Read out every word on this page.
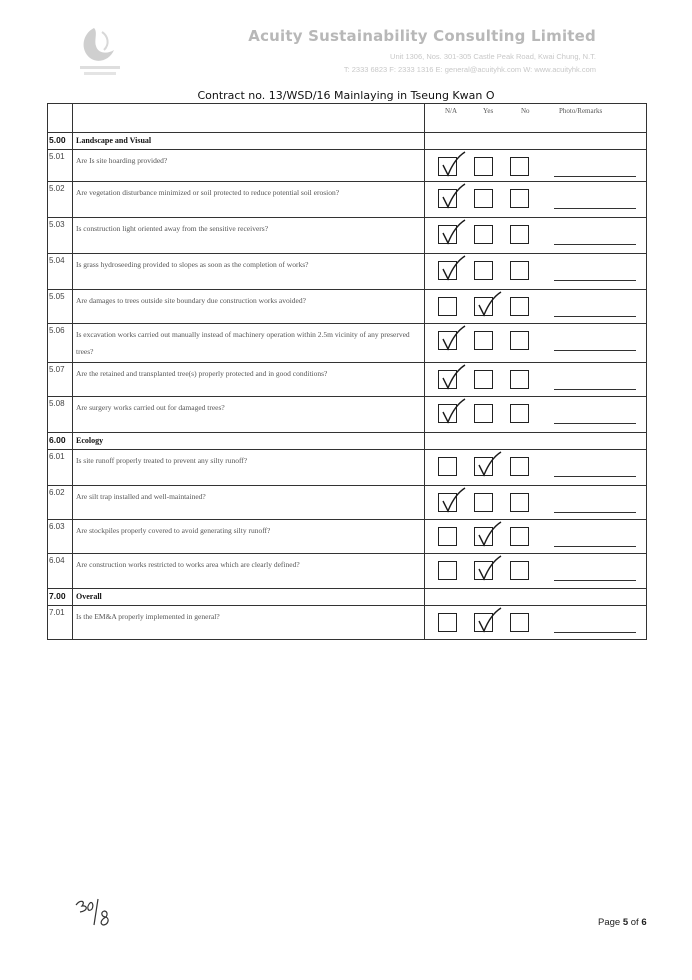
Acuity Sustainability Consulting Limited
Unit 1306, Nos. 301-305 Castle Peak Road, Kwai Chung, N.T.
T: 2333 6823 F: 2333 1316 E: general@acuityhk.com W: www.acuityhk.com
Contract no. 13/WSD/16 Mainlaying in Tseung Kwan O

		N/A Yes No Photo/Remarks

5.00	Landscape and Visual	
5.01	Are Is site hoarding provided?	

5.02	Are vegetation disturbance minimized or soil protected to reduce potential soil erosion?	

5.03	Is construction light oriented away from the sensitive receivers?	

5.04	Is grass hydroseeding provided to slopes as soon as the completion of works?	

5.05	Are damages to trees outside site boundary due construction works avoided?	

5.06	Is excavation works carried out manually instead of machinery operation within 2.5m vicinity of any preserved trees?	

5.07	Are the retained and transplanted tree(s) properly protected and in good conditions?	

5.08	Are surgery works carried out for damaged trees?	

6.00	Ecology	
6.01	Is site runoff properly treated to prevent any silty runoff?	

6.02	Are silt trap installed and well-maintained?	

6.03	Are stockpiles properly covered to avoid generating silty runoff?	

6.04	Are construction works restricted to works area which are clearly defined?	

7.00	Overall	
7.01	Is the EM&A properly implemented in general?	
Page 5 of 6
